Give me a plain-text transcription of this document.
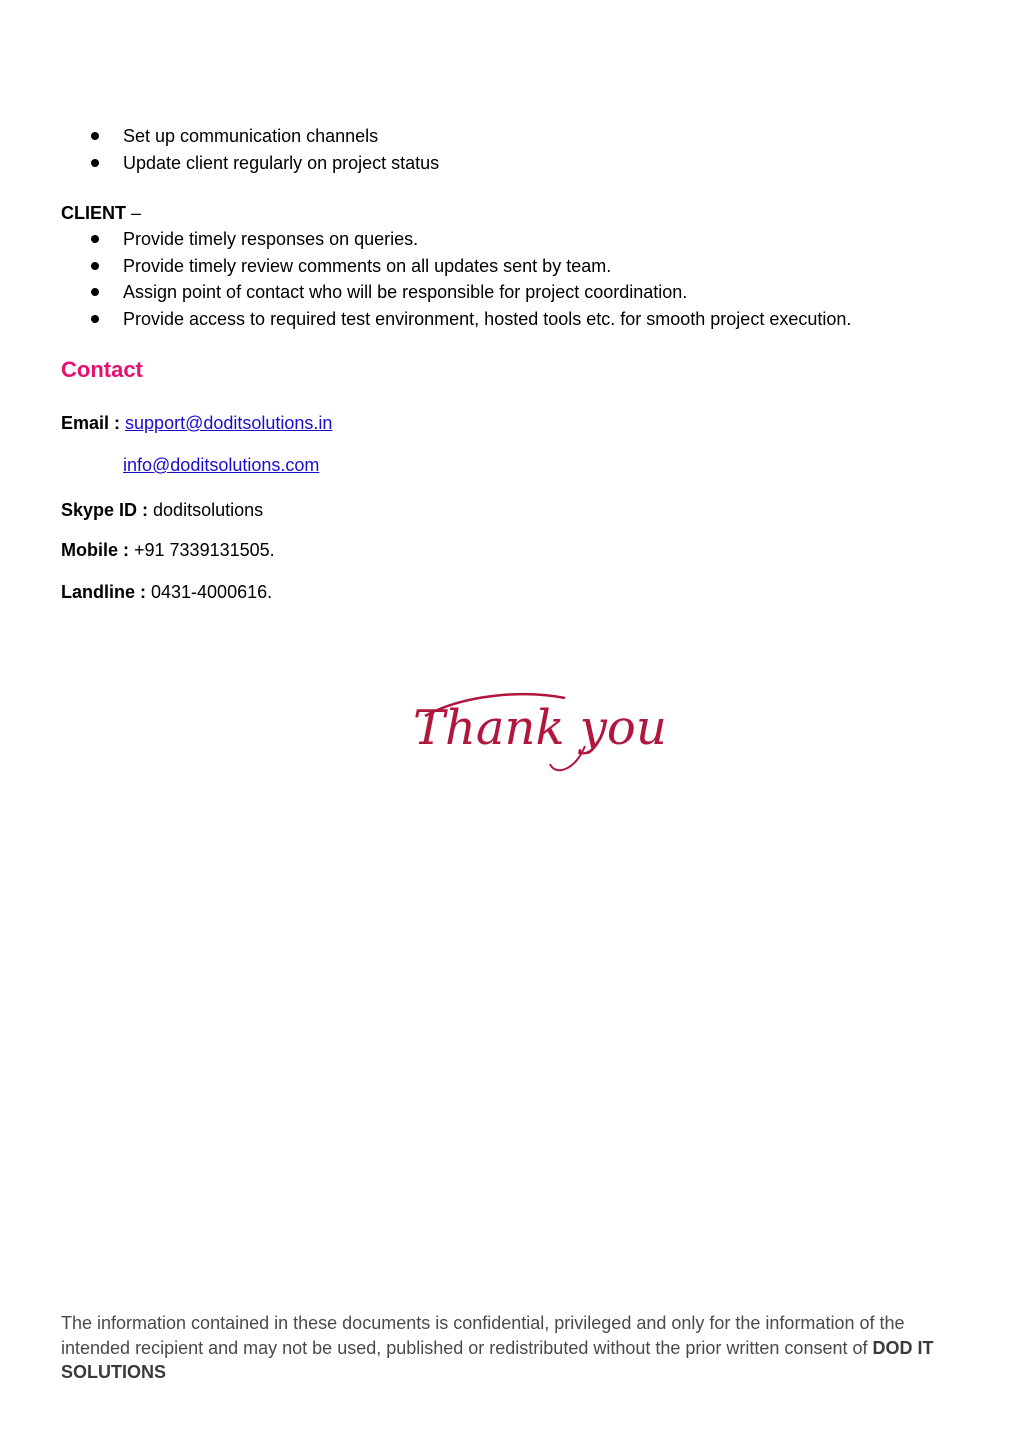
Set up communication channels
Update client regularly on project status
CLIENT –
Provide timely responses on queries.
Provide timely review comments on all updates sent by team.
Assign point of contact who will be responsible for project coordination.
Provide access to required test environment, hosted tools etc. for smooth project execution.
Contact
Email : support@doditsolutions.in
info@doditsolutions.com
Skype ID : doditsolutions
Mobile : +91 7339131505.
Landline : 0431-4000616.
Thank you
The information contained in these documents is confidential, privileged and only for the information of the intended recipient and may not be used, published or redistributed without the prior written consent of DOD IT SOLUTIONS
